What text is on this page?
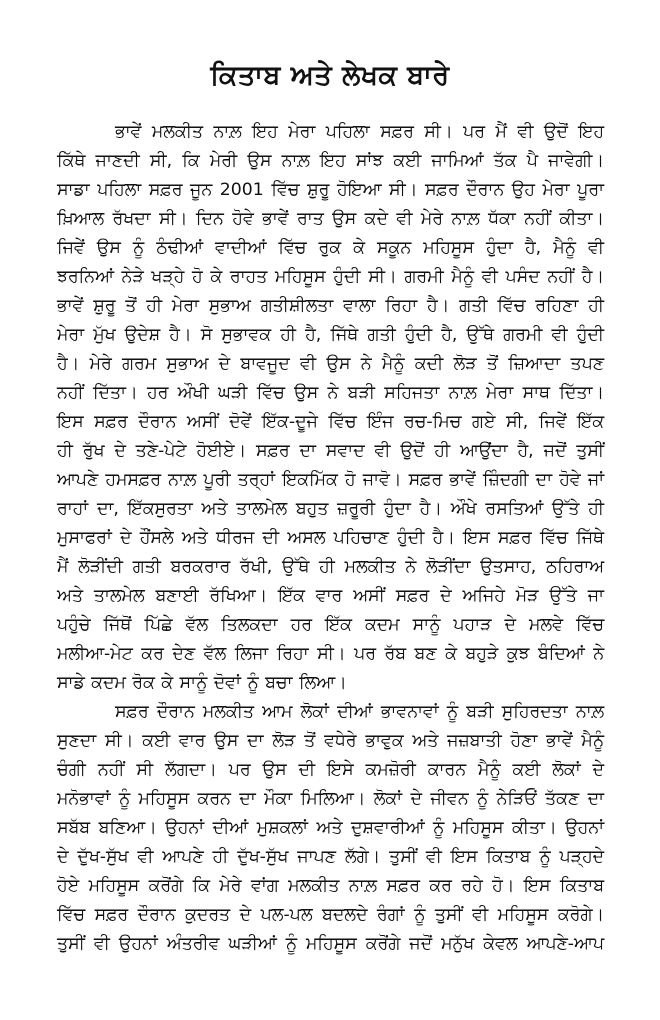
ਕਿਤਾਬ ਅਤੇ ਲੇਖਕ ਬਾਰੇ
ਭਾਵੇਂ ਮਲਕੀਤ ਨਾਲ਼ ਇਹ ਮੇਰਾ ਪਹਿਲਾ ਸਫ਼ਰ ਸੀ। ਪਰ ਮੈਂ ਵੀ ਉਦੋਂ ਇਹ
ਕਿੱਥੇ ਜਾਣਦੀ ਸੀ, ਕਿ ਮੇਰੀ ਉਸ ਨਾਲ਼ ਇਹ ਸਾਂਝ ਕਈ ਜਾਮਿਆਂ ਤੱਕ ਪੈ ਜਾਵੇਗੀ।
ਸਾਡਾ ਪਹਿਲਾ ਸਫ਼ਰ ਜੂਨ 2001 ਵਿੱਚ ਸ਼ੁਰੂ ਹੋਇਆ ਸੀ। ਸਫ਼ਰ ਦੌਰਾਨ ਉਹ ਮੇਰਾ ਪੂਰਾ
ਖ਼ਿਆਲ ਰੱਖਦਾ ਸੀ। ਦਿਨ ਹੋਵੇ ਭਾਵੇਂ ਰਾਤ ਉਸ ਕਦੇ ਵੀ ਮੇਰੇ ਨਾਲ਼ ਧੱਕਾ ਨਹੀਂ ਕੀਤਾ।
ਜਿਵੇਂ ਉਸ ਨੂੰ ਠੰਢੀਆਂ ਵਾਦੀਆਂ ਵਿੱਚ ਰੁਕ ਕੇ ਸਕੂਨ ਮਹਿਸੂਸ ਹੁੰਦਾ ਹੈ, ਮੈਨੂੰ ਵੀ
ਝਰਨਿਆਂ ਨੇੜੇ ਖੜ੍ਹੇ ਹੋ ਕੇ ਰਾਹਤ ਮਹਿਸੂਸ ਹੁੰਦੀ ਸੀ। ਗਰਮੀ ਮੈਨੂੰ ਵੀ ਪਸੰਦ ਨਹੀਂ ਹੈ।
ਭਾਵੇਂ ਸ਼ੁਰੂ ਤੋਂ ਹੀ ਮੇਰਾ ਸੁਭਾਅ ਗਤੀਸ਼ੀਲਤਾ ਵਾਲਾ ਰਿਹਾ ਹੈ। ਗਤੀ ਵਿੱਚ ਰਹਿਣਾ ਹੀ
ਮੇਰਾ ਮੁੱਖ ਉਦੇਸ਼ ਹੈ। ਸੋ ਸੁਭਾਵਕ ਹੀ ਹੈ, ਜਿੱਥੇ ਗਤੀ ਹੁੰਦੀ ਹੈ, ਉੱਥੇ ਗਰਮੀ ਵੀ ਹੁੰਦੀ
ਹੈ। ਮੇਰੇ ਗਰਮ ਸੁਭਾਅ ਦੇ ਬਾਵਜੂਦ ਵੀ ਉਸ ਨੇ ਮੈਨੂੰ ਕਦੀ ਲੋੜ ਤੋਂ ਜ਼ਿਆਦਾ ਤਪਣ
ਨਹੀਂ ਦਿੱਤਾ। ਹਰ ਔਖੀ ਘੜੀ ਵਿੱਚ ਉਸ ਨੇ ਬੜੀ ਸਹਿਜਤਾ ਨਾਲ਼ ਮੇਰਾ ਸਾਥ ਦਿੱਤਾ।
ਇਸ ਸਫ਼ਰ ਦੌਰਾਨ ਅਸੀਂ ਦੋਵੇਂ ਇੱਕ-ਦੂਜੇ ਵਿੱਚ ਇੰਜ ਰਚ-ਮਿਚ ਗਏ ਸੀ, ਜਿਵੇਂ ਇੱਕ
ਹੀ ਰੁੱਖ ਦੇ ਤਣੇ-ਪੇਟੇ ਹੋਈਏ। ਸਫ਼ਰ ਦਾ ਸਵਾਦ ਵੀ ਉਦੋਂ ਹੀ ਆਉਂਦਾ ਹੈ, ਜਦੋਂ ਤੁਸੀਂ
ਆਪਣੇ ਹਮਸਫ਼ਰ ਨਾਲ਼ ਪੂਰੀ ਤਰ੍ਹਾਂ ਇਕਮਿੱਕ ਹੋ ਜਾਵੋ। ਸਫ਼ਰ ਭਾਵੇਂ ਜ਼ਿੰਦਗੀ ਦਾ ਹੋਵੇ ਜਾਂ
ਰਾਹਾਂ ਦਾ, ਇੱਕਸੁਰਤਾ ਅਤੇ ਤਾਲਮੇਲ ਬਹੁਤ ਜ਼ਰੂਰੀ ਹੁੰਦਾ ਹੈ। ਔਖੇ ਰਸਤਿਆਂ ਉੱਤੇ ਹੀ
ਮੁਸਾਫਰਾਂ ਦੇ ਹੌਂਸਲੇ ਅਤੇ ਧੀਰਜ ਦੀ ਅਸਲ ਪਹਿਚਾਣ ਹੁੰਦੀ ਹੈ। ਇਸ ਸਫ਼ਰ ਵਿੱਚ ਜਿੱਥੇ
ਮੈਂ ਲੋੜੀਂਦੀ ਗਤੀ ਬਰਕਰਾਰ ਰੱਖੀ, ਉੱਥੇ ਹੀ ਮਲਕੀਤ ਨੇ ਲੋੜੀਂਦਾ ਉਤਸਾਹ, ਠਹਿਰਾਅ
ਅਤੇ ਤਾਲਮੇਲ ਬਣਾਈ ਰੱਖਿਆ। ਇੱਕ ਵਾਰ ਅਸੀਂ ਸਫ਼ਰ ਦੇ ਅਜਿਹੇ ਮੋੜ ਉੱਤੇ ਜਾ
ਪਹੁੰਚੇ ਜਿੱਥੋਂ ਪਿੱਛੇ ਵੱਲ ਤਿਲਕਦਾ ਹਰ ਇੱਕ ਕਦਮ ਸਾਨੂੰ ਪਹਾੜ ਦੇ ਮਲਵੇ ਵਿੱਚ
ਮਲੀਆ-ਮੇਟ ਕਰ ਦੇਣ ਵੱਲ ਲਿਜਾ ਰਿਹਾ ਸੀ। ਪਰ ਰੱਬ ਬਣ ਕੇ ਬਹੁੜੇ ਕੁਝ ਬੰਦਿਆਂ ਨੇ
ਸਾਡੇ ਕਦਮ ਰੋਕ ਕੇ ਸਾਨੂੰ ਦੋਵਾਂ ਨੂੰ ਬਚਾ ਲਿਆ।
ਸਫ਼ਰ ਦੌਰਾਨ ਮਲਕੀਤ ਆਮ ਲੋਕਾਂ ਦੀਆਂ ਭਾਵਨਾਵਾਂ ਨੂੰ ਬੜੀ ਸੁਹਿਰਦਤਾ ਨਾਲ਼
ਸੁਣਦਾ ਸੀ। ਕਈ ਵਾਰ ਉਸ ਦਾ ਲੋੜ ਤੋਂ ਵਧੇਰੇ ਭਾਵੁਕ ਅਤੇ ਜਜ਼ਬਾਤੀ ਹੋਣਾ ਭਾਵੇਂ ਮੈਨੂੰ
ਚੰਗੀ ਨਹੀਂ ਸੀ ਲੱਗਦਾ। ਪਰ ਉਸ ਦੀ ਇਸੇ ਕਮਜ਼ੋਰੀ ਕਾਰਨ ਮੈਨੂੰ ਕਈ ਲੋਕਾਂ ਦੇ
ਮਨੋਭਾਵਾਂ ਨੂੰ ਮਹਿਸੂਸ ਕਰਨ ਦਾ ਮੌਕਾ ਮਿਲਿਆ। ਲੋਕਾਂ ਦੇ ਜੀਵਨ ਨੂੰ ਨੇੜਿਓਂ ਤੱਕਣ ਦਾ
ਸਬੱਬ ਬਣਿਆ। ਉਹਨਾਂ ਦੀਆਂ ਮੁਸ਼ਕਲਾਂ ਅਤੇ ਦੁਸ਼ਵਾਰੀਆਂ ਨੂੰ ਮਹਿਸੂਸ ਕੀਤਾ। ਉਹਨਾਂ
ਦੇ ਦੁੱਖ-ਸੁੱਖ ਵੀ ਆਪਣੇ ਹੀ ਦੁੱਖ-ਸੁੱਖ ਜਾਪਣ ਲੱਗੇ। ਤੁਸੀਂ ਵੀ ਇਸ ਕਿਤਾਬ ਨੂੰ ਪੜ੍ਹਦੇ
ਹੋਏ ਮਹਿਸੂਸ ਕਰੋਂਗੇ ਕਿ ਮੇਰੇ ਵਾਂਗ ਮਲਕੀਤ ਨਾਲ਼ ਸਫ਼ਰ ਕਰ ਰਹੇ ਹੋ। ਇਸ ਕਿਤਾਬ
ਵਿੱਚ ਸਫ਼ਰ ਦੌਰਾਨ ਕੁਦਰਤ ਦੇ ਪਲ-ਪਲ ਬਦਲਦੇ ਰੰਗਾਂ ਨੂੰ ਤੁਸੀਂ ਵੀ ਮਹਿਸੂਸ ਕਰੋਗੇ।
ਤੁਸੀਂ ਵੀ ਉਹਨਾਂ ਅੰਤਰੀਵ ਘੜੀਆਂ ਨੂੰ ਮਹਿਸੂਸ ਕਰੋਂਗੇ ਜਦੋਂ ਮਨੁੱਖ ਕੇਵਲ ਆਪਣੇ-ਆਪ
